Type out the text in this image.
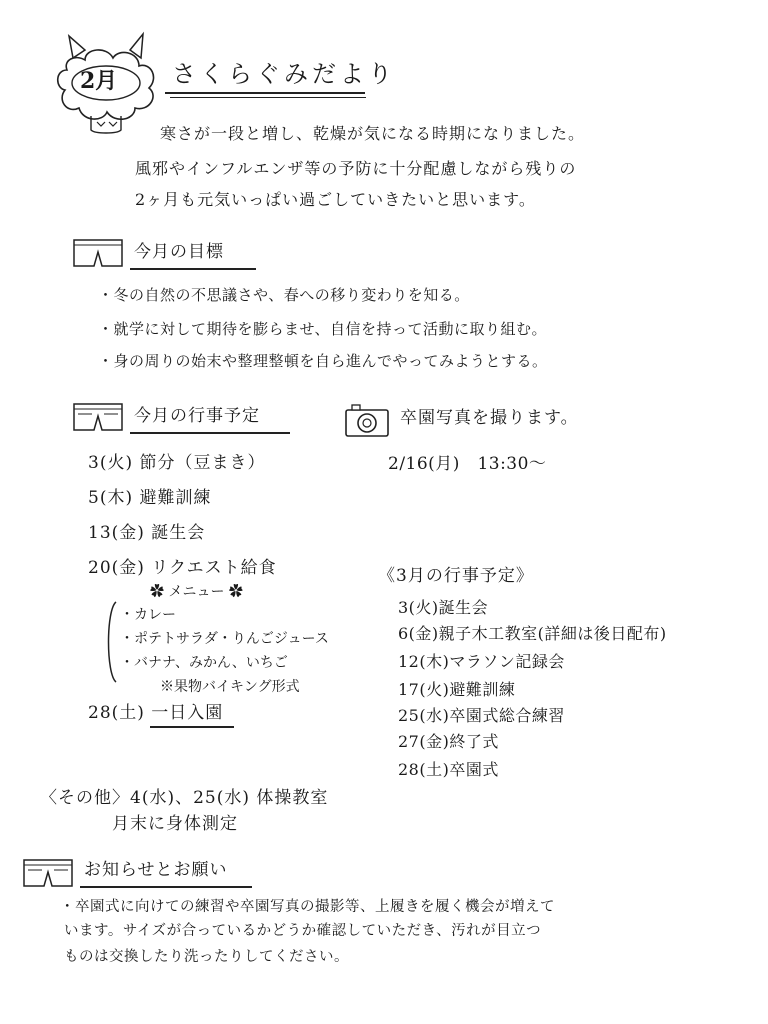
2月 さくらぐみだより
寒さが一段と増し、乾燥が気になる時期になりました。
風邪やインフルエンザ等の予防に十分配慮しながら残りの
2ヶ月も元気いっぱい過ごしていきたいと思います。
今月の目標
・冬の自然の不思議さや、春への移り変わりを知る。
・就学に対して期待を膨らませ、自信を持って活動に取り組む。
・身の周りの始末や整理整頓を自ら進んでやってみようとする。
今月の行事予定	卒園写真を撮ります。
2/16(月)　13:30〜
3(火) 節分（豆まき）
5(木) 避難訓練
13(金) 誕生会
20(金) リクエスト給食
✿ メニュー ✿
・カレー
・ポテトサラダ・りんごジュース
・バナナ、みかん、いちご
※果物バイキング形式
28(土) 一日入園
《3月の行事予定》
3(火)誕生会
6(金)親子木工教室(詳細は後日配布)
12(木)マラソン記録会
17(火)避難訓練
25(水)卒園式総合練習
27(金)終了式
28(土)卒園式
〈その他〉4(水)、25(水) 体操教室
月末に身体測定
お知らせとお願い
・卒園式に向けての練習や卒園写真の撮影等、上履きを履く機会が増えて
います。サイズが合っているかどうか確認していただき、汚れが目立つ
ものは交換したり洗ったりしてください。
